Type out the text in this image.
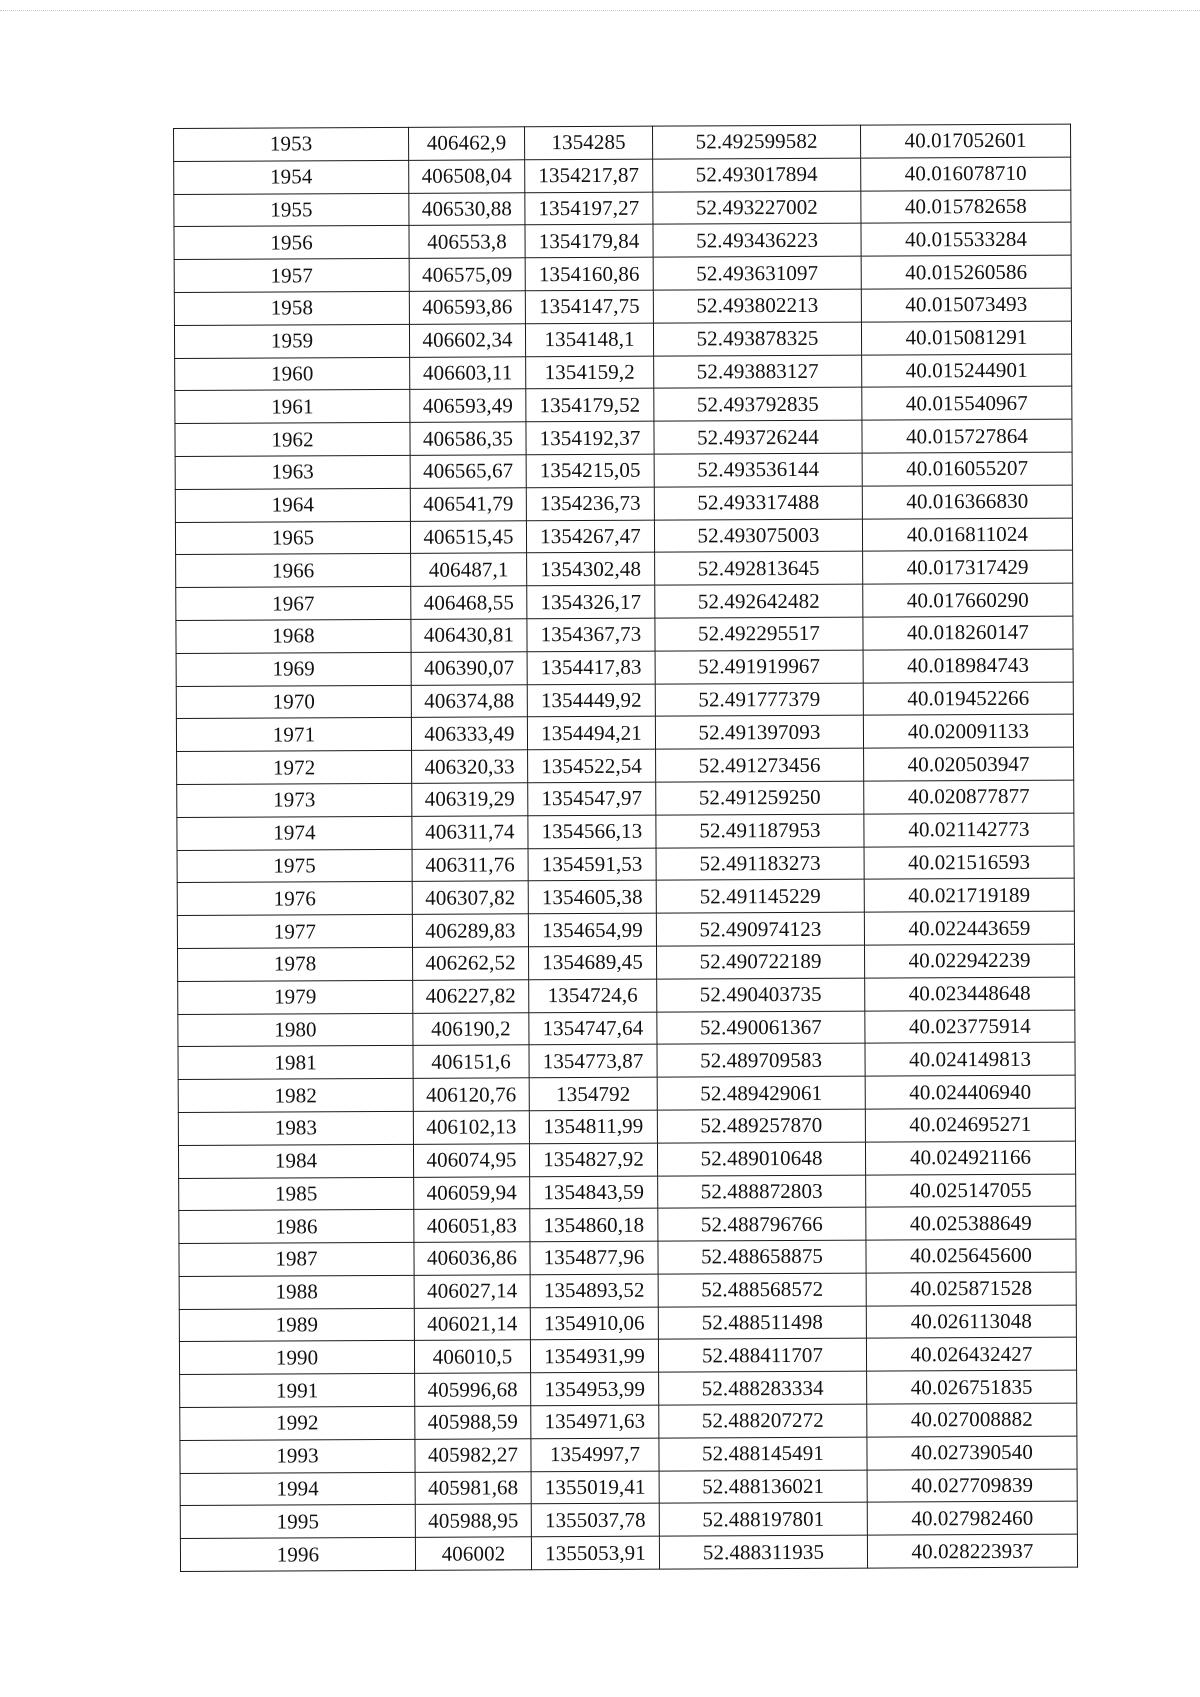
1953	406462,9	1354285	52.492599582	40.017052601
1954	406508,04	1354217,87	52.493017894	40.016078710
1955	406530,88	1354197,27	52.493227002	40.015782658
1956	406553,8	1354179,84	52.493436223	40.015533284
1957	406575,09	1354160,86	52.493631097	40.015260586
1958	406593,86	1354147,75	52.493802213	40.015073493
1959	406602,34	1354148,1	52.493878325	40.015081291
1960	406603,11	1354159,2	52.493883127	40.015244901
1961	406593,49	1354179,52	52.493792835	40.015540967
1962	406586,35	1354192,37	52.493726244	40.015727864
1963	406565,67	1354215,05	52.493536144	40.016055207
1964	406541,79	1354236,73	52.493317488	40.016366830
1965	406515,45	1354267,47	52.493075003	40.016811024
1966	406487,1	1354302,48	52.492813645	40.017317429
1967	406468,55	1354326,17	52.492642482	40.017660290
1968	406430,81	1354367,73	52.492295517	40.018260147
1969	406390,07	1354417,83	52.491919967	40.018984743
1970	406374,88	1354449,92	52.491777379	40.019452266
1971	406333,49	1354494,21	52.491397093	40.020091133
1972	406320,33	1354522,54	52.491273456	40.020503947
1973	406319,29	1354547,97	52.491259250	40.020877877
1974	406311,74	1354566,13	52.491187953	40.021142773
1975	406311,76	1354591,53	52.491183273	40.021516593
1976	406307,82	1354605,38	52.491145229	40.021719189
1977	406289,83	1354654,99	52.490974123	40.022443659
1978	406262,52	1354689,45	52.490722189	40.022942239
1979	406227,82	1354724,6	52.490403735	40.023448648
1980	406190,2	1354747,64	52.490061367	40.023775914
1981	406151,6	1354773,87	52.489709583	40.024149813
1982	406120,76	1354792	52.489429061	40.024406940
1983	406102,13	1354811,99	52.489257870	40.024695271
1984	406074,95	1354827,92	52.489010648	40.024921166
1985	406059,94	1354843,59	52.488872803	40.025147055
1986	406051,83	1354860,18	52.488796766	40.025388649
1987	406036,86	1354877,96	52.488658875	40.025645600
1988	406027,14	1354893,52	52.488568572	40.025871528
1989	406021,14	1354910,06	52.488511498	40.026113048
1990	406010,5	1354931,99	52.488411707	40.026432427
1991	405996,68	1354953,99	52.488283334	40.026751835
1992	405988,59	1354971,63	52.488207272	40.027008882
1993	405982,27	1354997,7	52.488145491	40.027390540
1994	405981,68	1355019,41	52.488136021	40.027709839
1995	405988,95	1355037,78	52.488197801	40.027982460
1996	406002	1355053,91	52.488311935	40.028223937
